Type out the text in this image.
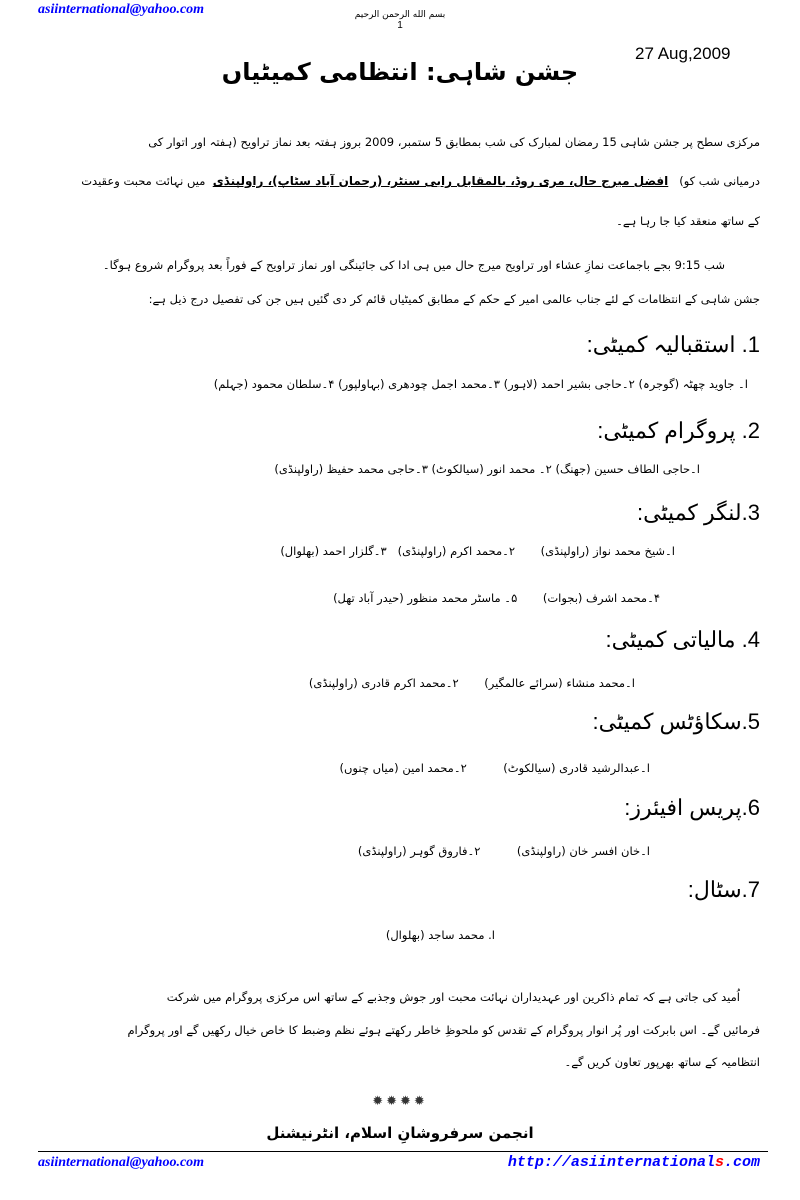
asiinternational@yahoo.com	بسم الله الرحمن الرحیم
1
27 Aug,2009
جشن شاہی: انتظامی کمیٹیاں
مرکزی سطح پر جشن شاہی 15 رمضان لمبارک کی شب بمطابق 5 ستمبر، 2009 بروز ہفتہ بعد نماز تراویح (ہفتہ اور اتوار کی
درمیانی شب کو)   افضل میرج حال، مری روڈ، بالمقابل رابی سنٹر، (رحمان آباد سٹاپ)، راولپنڈی  میں نہائت محبت وعقیدت
کے ساتھ منعقد کیا جا رہا ہے۔
شب 9:15 بجے باجماعت نمازِ عشاء اور تراویح میرج حال میں ہی ادا کی جائینگی اور نماز تراویح کے فوراً بعد پروگرام شروع ہوگا۔
جشن شاہی کے انتظامات کے لئے جناب عالمی امیر کے حکم کے مطابق کمیٹیاں قائم کر دی گئیں ہیں جن کی تفصیل درج ذیل ہے:
1. استقبالیہ کمیٹی:
ا۔ جاوید چھٹہ (گوجرہ) ۲۔حاجی بشیر احمد (لاہور) ۳۔محمد اجمل چودھری (بہاولپور) ۴۔سلطان محمود (جہلم)
2. پروگرام کمیٹی:
ا۔حاجی الطاف حسین (جھنگ) ۲۔ محمد انور (سیالکوٹ) ۳۔حاجی محمد حفیظ (راولپنڈی)
3.لنگر کمیٹی:
ا۔شیخ محمد نواز (راولپنڈی)       ۲۔محمد اکرم (راولپنڈی)   ۳۔گلزار احمد (بھلوال)
۴۔محمد اشرف (بجوات)       ۵۔ ماسٹر محمد منظور (حیدر آباد تھل)
4. مالیاتی کمیٹی:
ا۔محمد منشاء (سرائے عالمگیر)       ۲۔محمد اکرم قادری (راولپنڈی)
5.سکاؤٹس کمیٹی:
ا۔عبدالرشید قادری (سیالکوٹ)          ۲۔محمد امین (میاں چنوں)
6.پریس افیئرز:
ا۔خان افسر خان (راولپنڈی)          ۲۔فاروق گوہر (راولپنڈی)
7.سٹال:
ا. محمد ساجد (بھلوال)
اُمید کی جاتی ہے کہ تمام ذاکرین اور عہدیداران نہائت محبت اور جوش وجذبے کے ساتھ اس مرکزی پروگرام میں شرکت
فرمائیں گے۔ اس بابرکت اور پُر انوار پروگرام کے تقدس کو ملحوظِ خاطر رکھتے ہوئے نظم وضبط کا خاص خیال رکھیں گے اور پروگرام
انتظامیہ کے ساتھ بھرپور تعاون کریں گے۔
✹✹✹✹
انجمن سرفروشانِ اسلام، انٹرنیشنل
asiinternational@yahoo.com	http://asiinternationals.com
